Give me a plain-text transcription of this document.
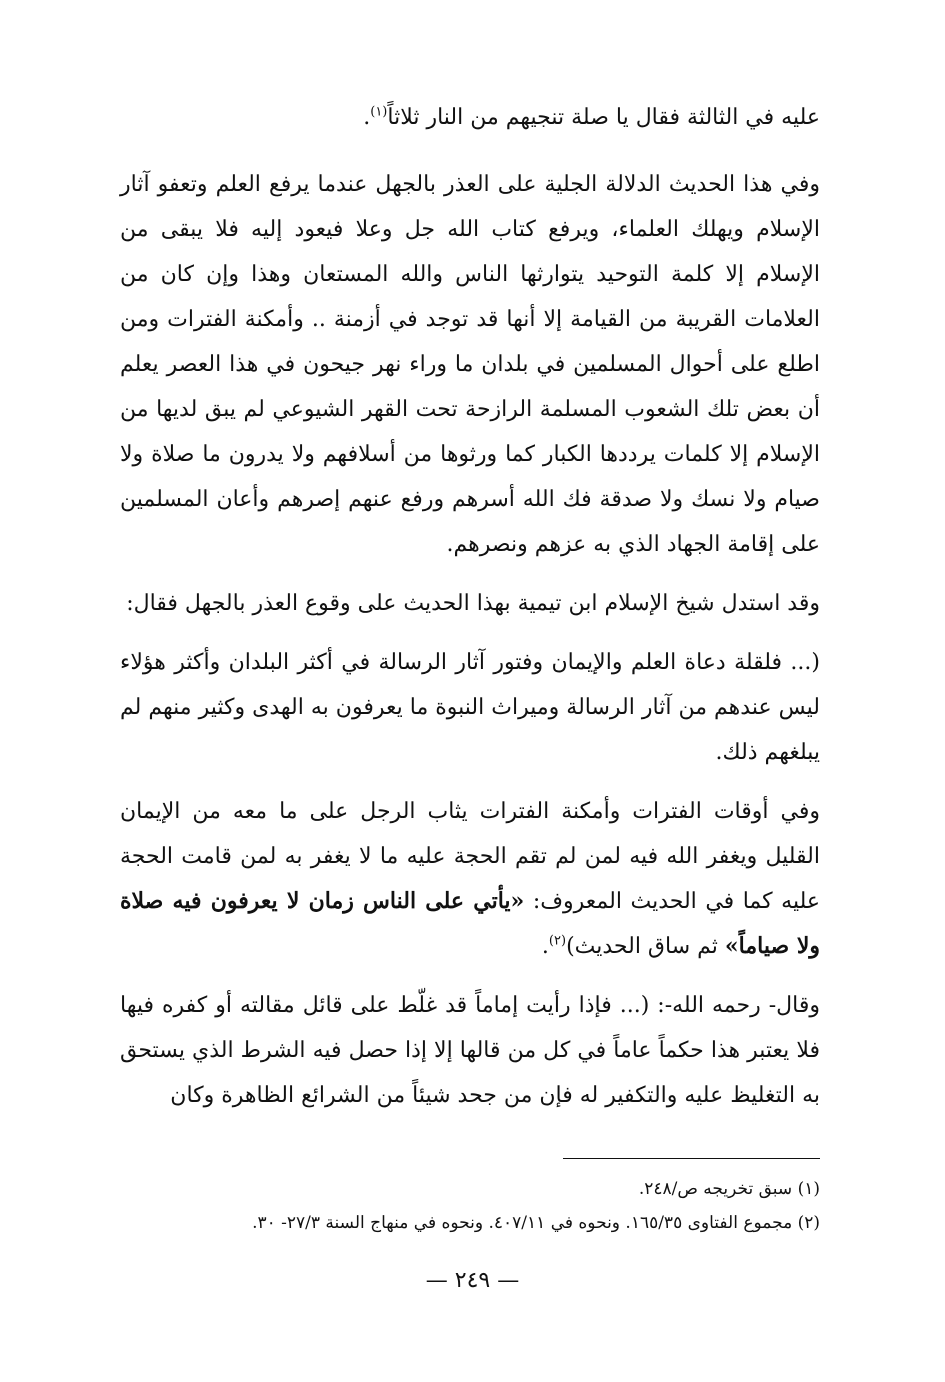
عليه في الثالثة فقال يا صلة تنجيهم من النار ثلاثاً$^{(١)}$.

وفي هذا الحديث الدلالة الجلية على العذر بالجهل عندما يرفع العلم وتعفو آثار الإسلام ويهلك العلماء، ويرفع كتاب الله جل وعلا فيعود إليه فلا يبقى من الإسلام إلا كلمة التوحيد يتوارثها الناس والله المستعان وهذا وإن كان من العلامات القريبة من القيامة إلا أنها قد توجد في أزمنة .. وأمكنة الفترات ومن اطلع على أحوال المسلمين في بلدان ما وراء نهر جيحون في هذا العصر يعلم أن بعض تلك الشعوب المسلمة الرازحة تحت القهر الشيوعي لم يبق لديها من الإسلام إلا كلمات يرددها الكبار كما ورثوها من أسلافهم ولا يدرون ما صلاة ولا صيام ولا نسك ولا صدقة فك الله أسرهم ورفع عنهم إصرهم وأعان المسلمين على إقامة الجهاد الذي به عزهم ونصرهم.

وقد استدل شيخ الإسلام ابن تيمية بهذا الحديث على وقوع العذر بالجهل فقال:

(... فلقلة دعاة العلم والإيمان وفتور آثار الرسالة في أكثر البلدان وأكثر هؤلاء ليس عندهم من آثار الرسالة وميراث النبوة ما يعرفون به الهدى وكثير منهم لم يبلغهم ذلك.

وفي أوقات الفترات وأمكنة الفترات يثاب الرجل على ما معه من الإيمان القليل ويغفر الله فيه لمن لم تقم الحجة عليه ما لا يغفر به لمن قامت الحجة عليه كما في الحديث المعروف: «يأتي على الناس زمان لا يعرفون فيه صلاة ولا صياماً» ثم ساق الحديث)$^{(٢)}$.

وقال- رحمه الله-: (... فإذا رأيت إماماً قد غلّط على قائل مقالته أو كفره فيها فلا يعتبر هذا حكماً عاماً في كل من قالها إلا إذا حصل فيه الشرط الذي يستحق به التغليظ عليه والتكفير له فإن من جحد شيئاً من الشرائع الظاهرة وكان

(١) سبق تخريجه ص/٢٤٨.

(٢) مجموع الفتاوى ١٦٥/٣٥. ونحوه في ٤٠٧/١١. ونحوه في منهاج السنة ٢٧/٣- ٣٠.

— ٢٤٩ —
